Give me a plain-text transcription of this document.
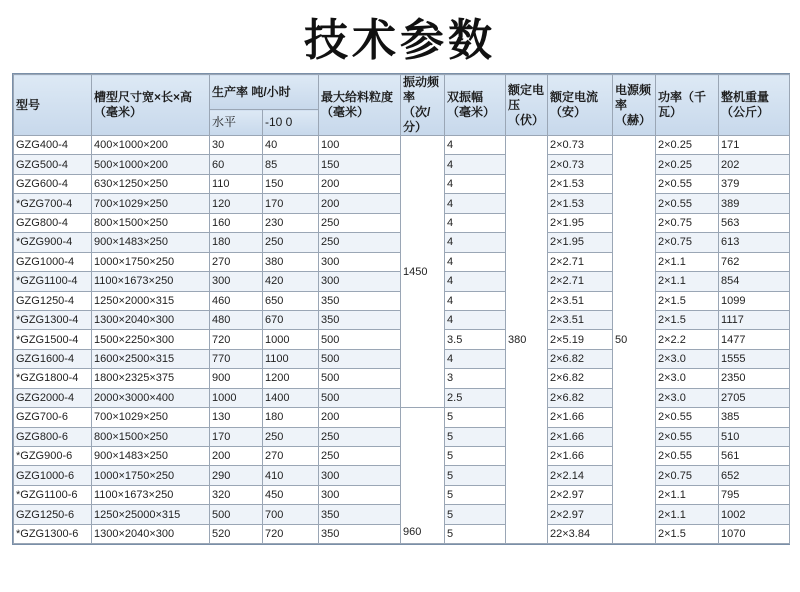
技术参数
型号	槽型尺寸宽×长×高（毫米）	生产率 吨/小时		最大给料粒度（毫米）	振动频率（次/分）	双振幅（毫米）	额定电压（伏）	额定电流（安）	电源频率（赫）	功率（千瓦）	整机重量（公斤）
		水平	-10 0								
GZG400-4	400×1000×200	30	40	100	1450	4	380	2×0.73	50	2×0.25	171
GZG500-4	500×1000×200	60	85	150		4		2×0.73		2×0.25	202
GZG600-4	630×1250×250	110	150	200		4		2×1.53		2×0.55	379
*GZG700-4	700×1029×250	120	170	200		4		2×1.53		2×0.55	389
GZG800-4	800×1500×250	160	230	250		4		2×1.95		2×0.75	563
*GZG900-4	900×1483×250	180	250	250		4		2×1.95		2×0.75	613
GZG1000-4	1000×1750×250	270	380	300		4		2×2.71		2×1.1	762
*GZG1100-4	1100×1673×250	300	420	300		4		2×2.71		2×1.1	854
GZG1250-4	1250×2000×315	460	650	350		4		2×3.51		2×1.5	1099
*GZG1300-4	1300×2040×300	480	670	350		4		2×3.51		2×1.5	1117
*GZG1500-4	1500×2250×300	720	1000	500		3.5		2×5.19		2×2.2	1477
GZG1600-4	1600×2500×315	770	1100	500		4		2×6.82		2×3.0	1555
*GZG1800-4	1800×2325×375	900	1200	500		3		2×6.82		2×3.0	2350
GZG2000-4	2000×3000×400	1000	1400	500		2.5		2×6.82		2×3.0	2705
GZG700-6	700×1029×250	130	180	200	960	5		2×1.66		2×0.55	385
GZG800-6	800×1500×250	170	250	250		5		2×1.66		2×0.55	510
*GZG900-6	900×1483×250	200	270	250		5		2×1.66		2×0.55	561
GZG1000-6	1000×1750×250	290	410	300		5		2×2.14		2×0.75	652
*GZG1100-6	1100×1673×250	320	450	300		5		2×2.97		2×1.1	795
GZG1250-6	1250×25000×315	500	700	350		5		2×2.97		2×1.1	1002
*GZG1300-6	1300×2040×300	520	720	350		5		22×3.84		2×1.5	1070
